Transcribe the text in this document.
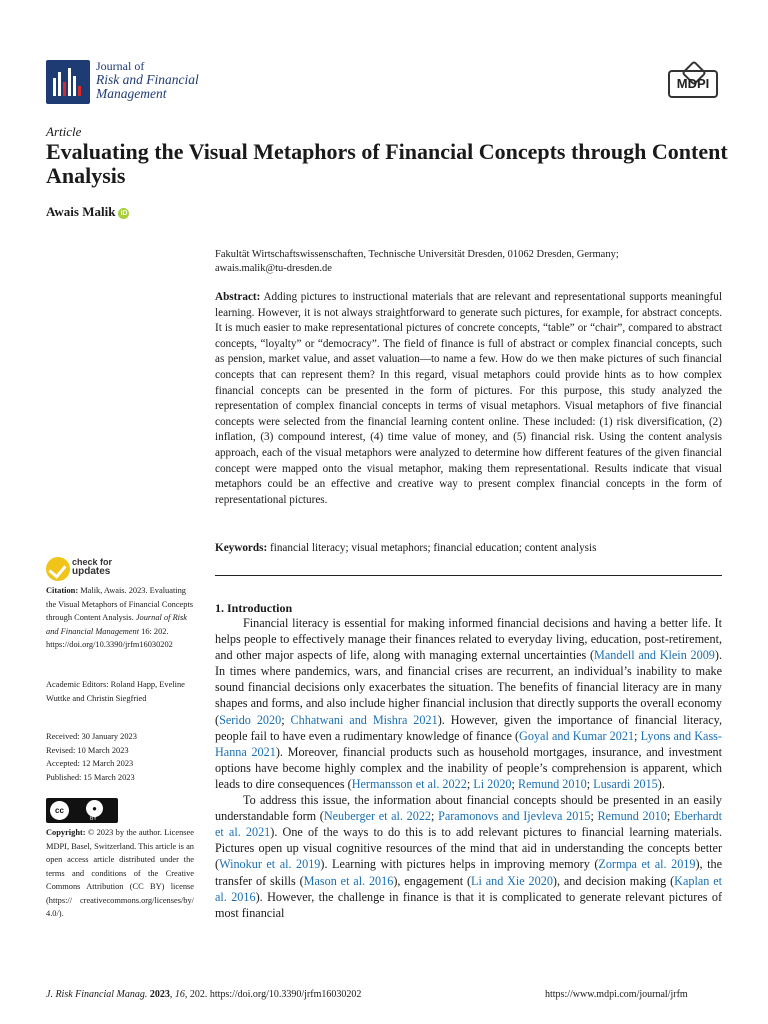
Journal of
Risk and Financial
Management
MDPI
Article
Evaluating the Visual Metaphors of Financial Concepts through Content Analysis
Awais Malik iD
Fakultät Wirtschaftswissenschaften, Technische Universität Dresden, 01062 Dresden, Germany;
awais.malik@tu-dresden.de
Abstract: Adding pictures to instructional materials that are relevant and representational supports meaningful learning. However, it is not always straightforward to generate such pictures, for example, for abstract concepts. It is much easier to make representational pictures of concrete concepts, “table” or “chair”, compared to abstract concepts, “loyalty” or “democracy”. The field of finance is full of abstract or complex financial concepts, such as pension, market value, and asset valuation—to name a few. How do we then make pictures of such financial concepts that can represent them? In this regard, visual metaphors could provide hints as to how complex financial concepts can be presented in the form of pictures. For this purpose, this study analyzed the representation of complex financial concepts in terms of visual metaphors. Visual metaphors of five financial concepts were selected from the financial learning content online. These included: (1) risk diversification, (2) inflation, (3) compound interest, (4) time value of money, and (5) financial risk. Using the content analysis approach, each of the visual metaphors were analyzed to determine how different features of the given financial concept were mapped onto the visual metaphor, making them representational. Results indicate that visual metaphors could be an effective and creative way to present complex financial concepts in the form of representational pictures.
Keywords: financial literacy; visual metaphors; financial education; content analysis
1. Introduction

Financial literacy is essential for making informed financial decisions and having a better life. It helps people to effectively manage their finances related to everyday living, education, post-retirement, and other major aspects of life, along with managing external uncertainties (Mandell and Klein 2009). In times where pandemics, wars, and financial crises are recurrent, an individual’s inability to make sound financial decisions only exacerbates the situation. The benefits of financial literacy are in many shapes and forms, and also include higher financial inclusion that directly supports the overall economy (Serido 2020; Chhatwani and Mishra 2021). However, given the importance of financial literacy, people fail to have even a rudimentary knowledge of finance (Goyal and Kumar 2021; Lyons and Kass-Hanna 2021). Moreover, financial products such as household mortgages, insurance, and investment options have become highly complex and the inability of people’s comprehension is apparent, which leads to dire consequences (Hermansson et al. 2022; Li 2020; Remund 2010; Lusardi 2015).

To address this issue, the information about financial concepts should be presented in an easily understandable form (Neuberger et al. 2022; Paramonovs and Ijevleva 2015; Remund 2010; Eberhardt et al. 2021). One of the ways to do this is to add relevant pictures to financial learning materials. Pictures open up visual cognitive resources of the mind that aid in understanding the concepts better (Winokur et al. 2019). Learning with pictures helps in improving memory (Zormpa et al. 2019), the transfer of skills (Mason et al. 2016), engagement (Li and Xie 2020), and decision making (Kaplan et al. 2016). However, the challenge in finance is that it is complicated to generate relevant pictures of most financial

check for
updates
Citation: Malik, Awais. 2023. Evaluating the Visual Metaphors of Financial Concepts through Content Analysis. Journal of Risk and Financial Management 16: 202. https://doi.org/10.3390/jrfm16030202
Academic Editors: Roland Happ, Eveline Wuttke and Christin Siegfried
Received: 30 January 2023
Revised: 10 March 2023
Accepted: 12 March 2023
Published: 15 March 2023
cc	●
BY
Copyright: © 2023 by the author. Licensee MDPI, Basel, Switzerland. This article is an open access article distributed under the terms and conditions of the Creative Commons Attribution (CC BY) license (https:// creativecommons.org/licenses/by/ 4.0/).
J. Risk Financial Manag. 2023, 16, 202. https://doi.org/10.3390/jrfm16030202	https://www.mdpi.com/journal/jrfm
